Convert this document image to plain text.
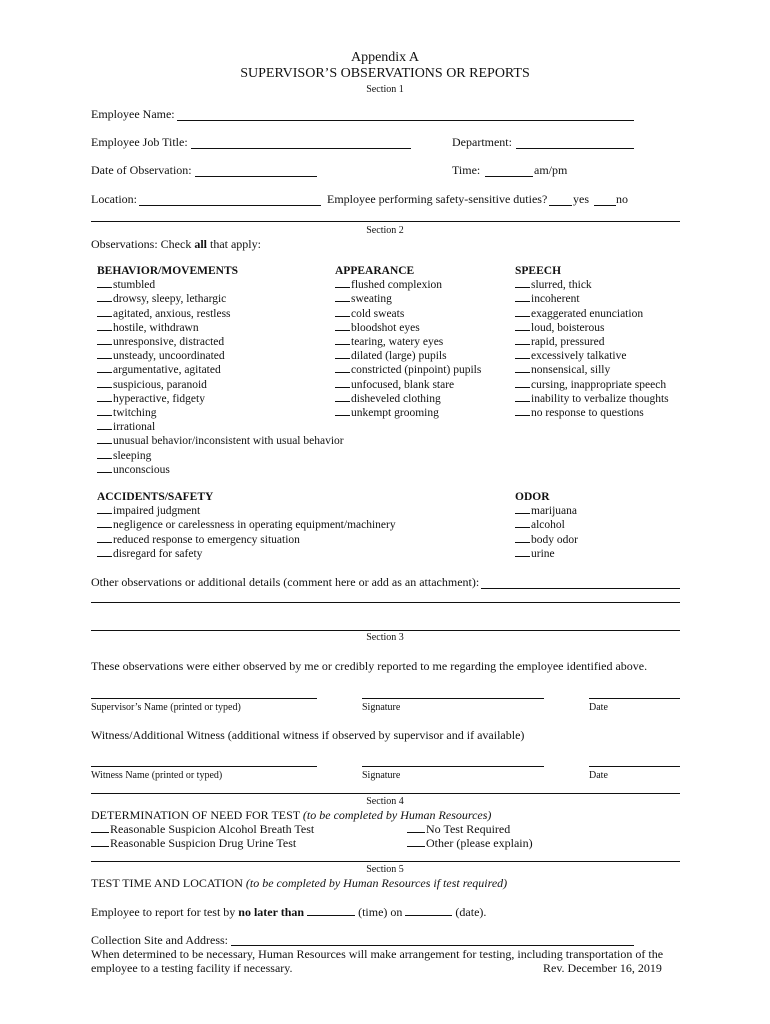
Appendix A
SUPERVISOR’S OBSERVATIONS OR REPORTS
Section 1
Employee Name:
Employee Job Title:	Department:
Date of Observation:	Time:	am/pm
Location:	Employee performing safety-sensitive duties? yes no
Section 2
Observations: Check all that apply:
BEHAVIOR/MOVEMENTS
stumbled
drowsy, sleepy, lethargic
agitated, anxious, restless
hostile, withdrawn
unresponsive, distracted
unsteady, uncoordinated
argumentative, agitated
suspicious, paranoid
hyperactive, fidgety
twitching
irrational
unusual behavior/inconsistent with usual behavior
sleeping
unconscious
APPEARANCE
flushed complexion
sweating
cold sweats
bloodshot eyes
tearing, watery eyes
dilated (large) pupils
constricted (pinpoint) pupils
unfocused, blank stare
disheveled clothing
unkempt grooming
SPEECH
slurred, thick
incoherent
exaggerated enunciation
loud, boisterous
rapid, pressured
excessively talkative
nonsensical, silly
cursing, inappropriate speech
inability to verbalize thoughts
no response to questions
ACCIDENTS/SAFETY
impaired judgment
negligence or carelessness in operating equipment/machinery
reduced response to emergency situation
disregard for safety
ODOR
marijuana
alcohol
body odor
urine
Other observations or additional details (comment here or add as an attachment):
Section 3
These observations were either observed by me or credibly reported to me regarding the employee identified above.
Supervisor’s Name (printed or typed)	Signature	Date
Witness/Additional Witness (additional witness if observed by supervisor and if available)
Witness Name (printed or typed)	Signature	Date
Section 4
DETERMINATION OF NEED FOR TEST (to be completed by Human Resources)
Reasonable Suspicion Alcohol Breath Test
Reasonable Suspicion Drug Urine Test
No Test Required
Other (please explain)
Section 5
TEST TIME AND LOCATION (to be completed by Human Resources if test required)
Employee to report for test by no later than	(time) on	(date).
Collection Site and Address:
When determined to be necessary, Human Resources will make arrangement for testing, including transportation of the
employee to a testing facility if necessary.	Rev. December 16, 2019
